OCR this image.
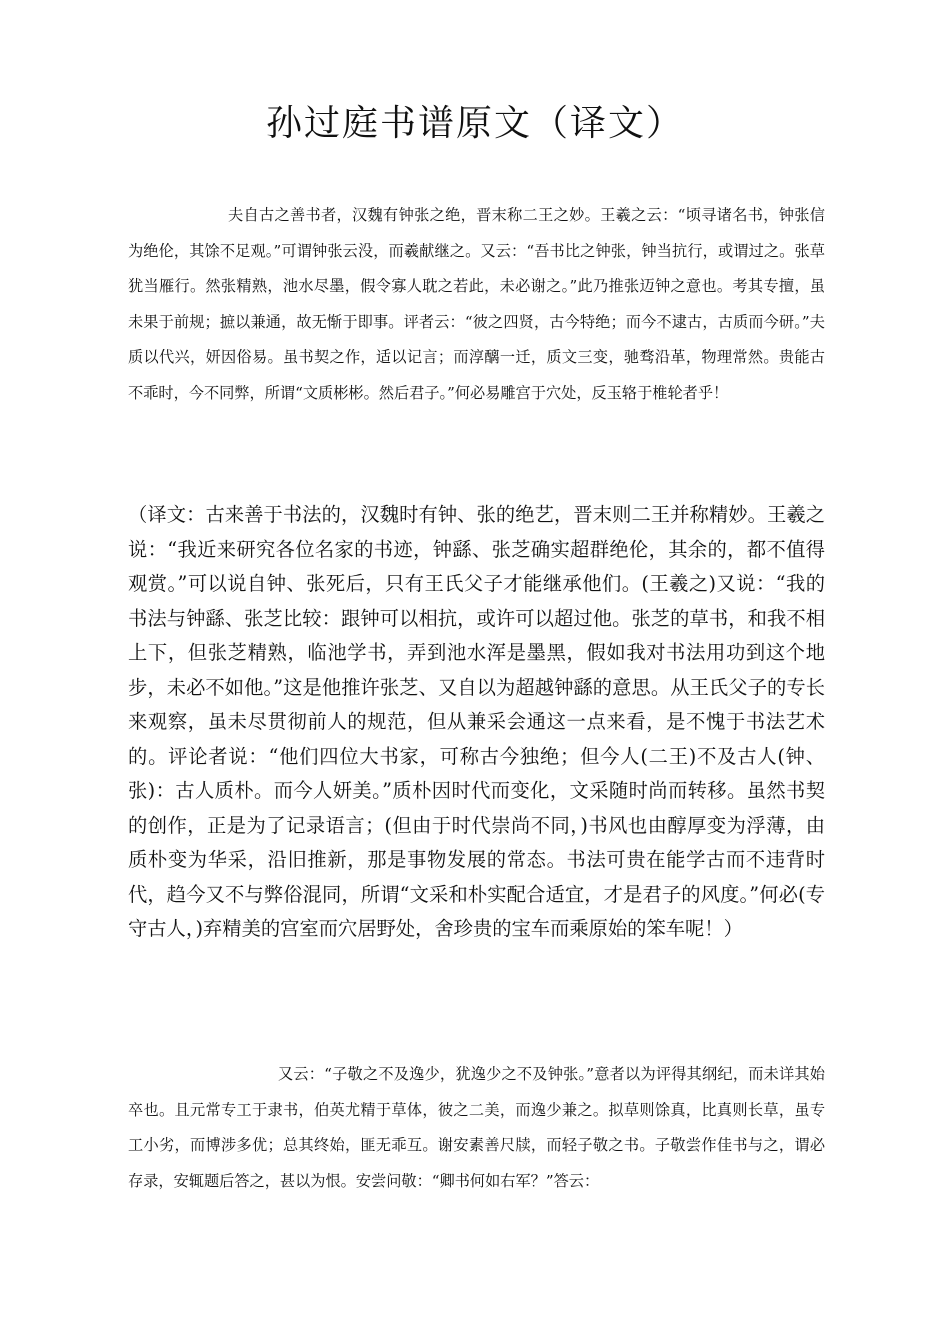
孙过庭书谱原文（译文）

夫自古之善书者，汉魏有钟张之绝，晋末称二王之妙。王羲之云：“顷寻诸名书，钟张信为绝伦，其馀不足观。”可谓钟张云没，而羲献继之。又云：“吾书比之钟张，钟当抗行，或谓过之。张草犹当雁行。然张精熟，池水尽墨，假令寡人耽之若此，未必谢之。”此乃推张迈钟之意也。考其专擅，虽未果于前规；摭以兼通，故无惭于即事。评者云：“彼之四贤，古今特绝；而今不逮古，古质而今研。”夫质以代兴，妍因俗易。虽书契之作，适以记言；而淳醨一迁，质文三变，驰骛沿革，物理常然。贵能古不乖时，今不同弊，所谓“文质彬彬。然后君子。”何必易雕宫于穴处，反玉辂于椎轮者乎！

（译文：古来善于书法的，汉魏时有钟、张的绝艺，晋末则二王并称精妙。王羲之说：“我近来研究各位名家的书迹，钟繇、张芝确实超群绝伦，其余的，都不值得观赏。”可以说自钟、张死后，只有王氏父子才能继承他们。(王羲之)又说：“我的书法与钟繇、张芝比较：跟钟可以相抗，或许可以超过他。张芝的草书，和我不相上下，但张芝精熟，临池学书，弄到池水浑是墨黑，假如我对书法用功到这个地步，未必不如他。”这是他推许张芝、又自以为超越钟繇的意思。从王氏父子的专长来观察，虽未尽贯彻前人的规范，但从兼采会通这一点来看，是不愧于书法艺术的。评论者说：“他们四位大书家，可称古今独绝；但今人(二王)不及古人(钟、张)：古人质朴。而今人妍美。”质朴因时代而变化，文采随时尚而转移。虽然书契的创作，正是为了记录语言；(但由于时代崇尚不同，)书风也由醇厚变为浮薄，由质朴变为华采，沿旧推新，那是事物发展的常态。书法可贵在能学古而不违背时代，趋今又不与弊俗混同，所谓“文采和朴实配合适宜，才是君子的风度。”何必(专守古人，)弃精美的宫室而穴居野处，舍珍贵的宝车而乘原始的笨车呢！）

又云：“子敬之不及逸少，犹逸少之不及钟张。”意者以为评得其纲纪，而未详其始卒也。且元常专工于隶书，伯英尤精于草体，彼之二美，而逸少兼之。拟草则馀真，比真则长草，虽专工小劣，而博涉多优；总其终始，匪无乖互。谢安素善尺牍，而轻子敬之书。子敬尝作佳书与之，谓必存录，安辄题后答之，甚以为恨。安尝问敬：“卿书何如右军？”答云：
